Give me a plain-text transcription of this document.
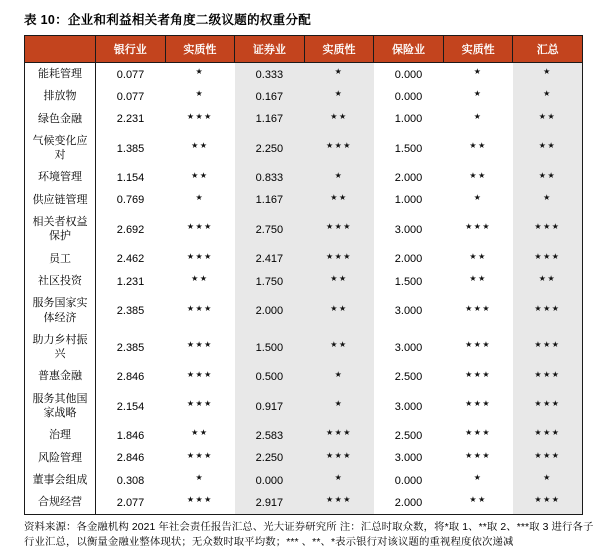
表 10：企业和利益相关者角度二级议题的权重分配
	银行业	实质性	证券业	实质性	保险业	实质性	汇总
能耗管理	0.077	★	0.333	★	0.000	★	★
排放物	0.077	★	0.167	★	0.000	★	★
绿色金融	2.231	★★★	1.167	★★	1.000	★	★★
气候变化应对	1.385	★★	2.250	★★★	1.500	★★	★★
环境管理	1.154	★★	0.833	★	2.000	★★	★★
供应链管理	0.769	★	1.167	★★	1.000	★	★
相关者权益保护	2.692	★★★	2.750	★★★	3.000	★★★	★★★
员工	2.462	★★★	2.417	★★★	2.000	★★	★★★
社区投资	1.231	★★	1.750	★★	1.500	★★	★★
服务国家实体经济	2.385	★★★	2.000	★★	3.000	★★★	★★★
助力乡村振兴	2.385	★★★	1.500	★★	3.000	★★★	★★★
普惠金融	2.846	★★★	0.500	★	2.500	★★★	★★★
服务其他国家战略	2.154	★★★	0.917	★	3.000	★★★	★★★
治理	1.846	★★	2.583	★★★	2.500	★★★	★★★
风险管理	2.846	★★★	2.250	★★★	3.000	★★★	★★★
董事会组成	0.308	★	0.000	★	0.000	★	★
合规经营	2.077	★★★	2.917	★★★	2.000	★★	★★★
资料来源：各金融机构 2021 年社会责任报告汇总、光大证券研究所 注：汇总时取众数，将*取 1、**取 2、***取 3 进行各子行业汇总，以衡量金融业整体现状；无众数时取平均数；*** 、**、*表示银行对该议题的重视程度依次递减
